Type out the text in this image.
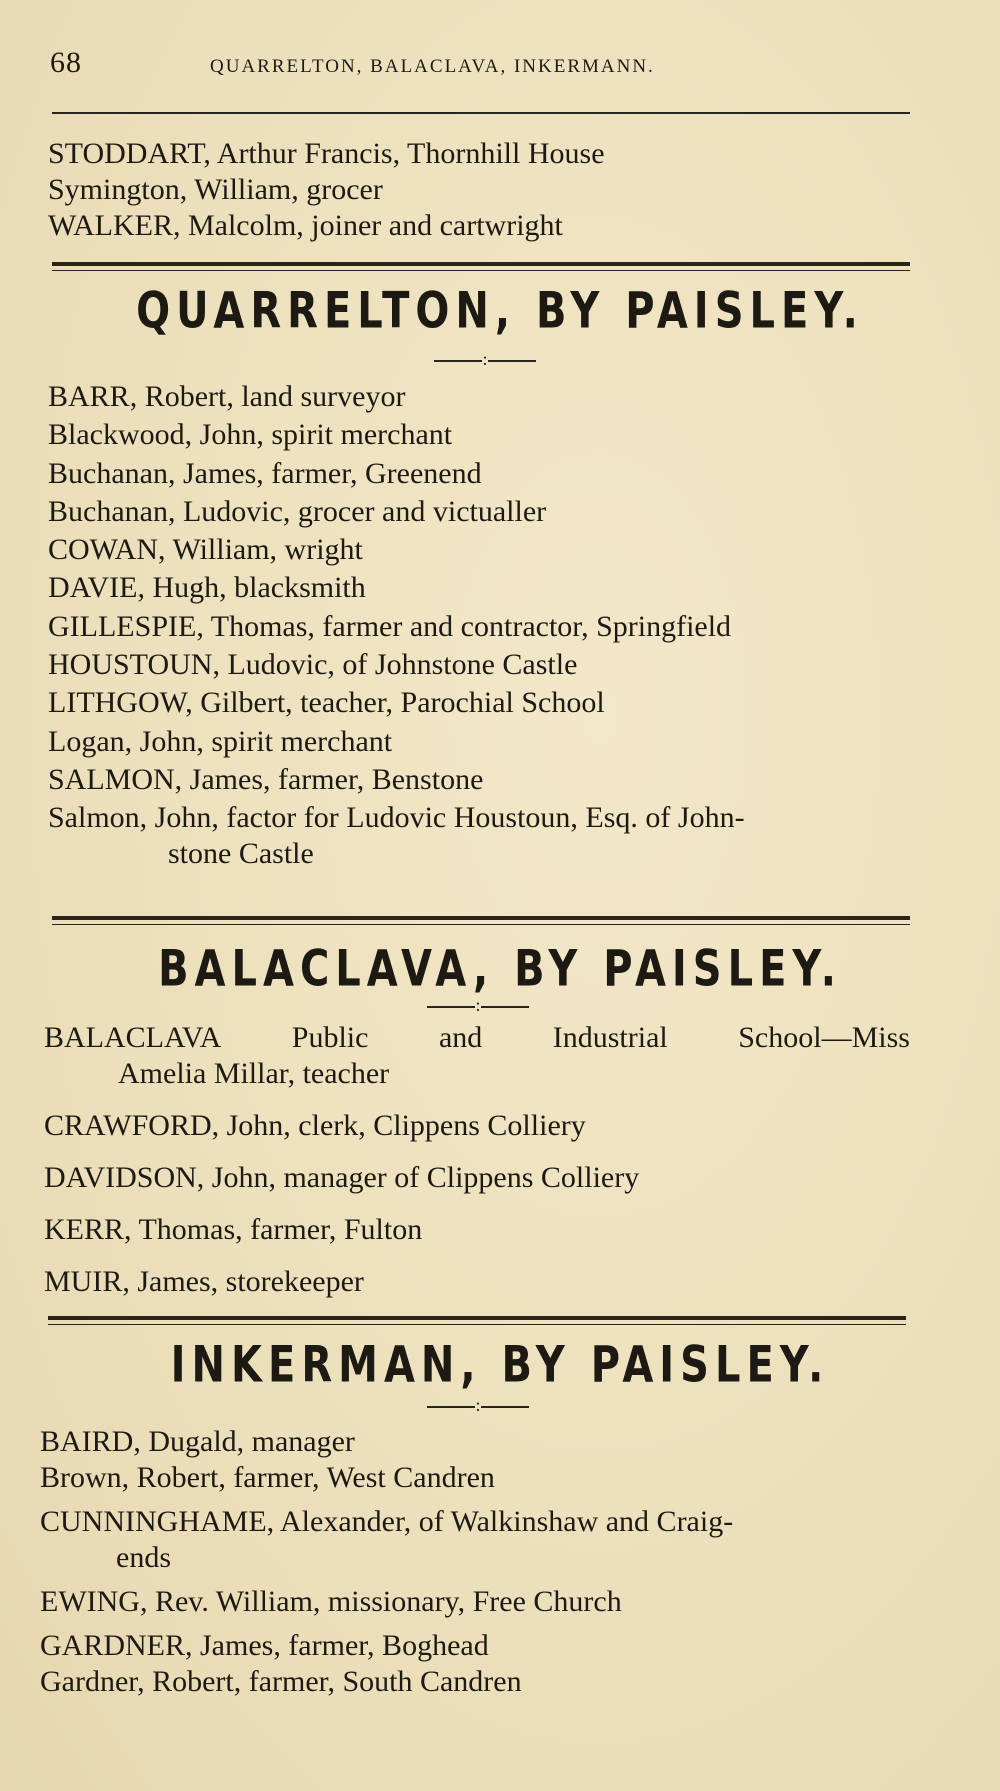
68	QUARRELTON, BALACLAVA, INKERMANN.
STODDART, Arthur Francis, Thornhill House
Symington, William, grocer
WALKER, Malcolm, joiner and cartwright
QUARRELTON, BY PAISLEY.
:
BARR, Robert, land surveyor
Blackwood, John, spirit merchant
Buchanan, James, farmer, Greenend
Buchanan, Ludovic, grocer and victualler
COWAN, William, wright
DAVIE, Hugh, blacksmith
GILLESPIE, Thomas, farmer and contractor, Springfield
HOUSTOUN, Ludovic, of Johnstone Castle
LITHGOW, Gilbert, teacher, Parochial School
Logan, John, spirit merchant
SALMON, James, farmer, Benstone
Salmon, John, factor for Ludovic Houstoun, Esq. of John-
stone Castle
BALACLAVA, BY PAISLEY.
:
BALACLAVA Public and Industrial School—Miss
Amelia Millar, teacher
CRAWFORD, John, clerk, Clippens Colliery
DAVIDSON, John, manager of Clippens Colliery
KERR, Thomas, farmer, Fulton
MUIR, James, storekeeper
INKERMAN, BY PAISLEY.
:
BAIRD, Dugald, manager
Brown, Robert, farmer, West Candren
CUNNINGHAME, Alexander, of Walkinshaw and Craig-
ends
EWING, Rev. William, missionary, Free Church
GARDNER, James, farmer, Boghead
Gardner, Robert, farmer, South Candren
